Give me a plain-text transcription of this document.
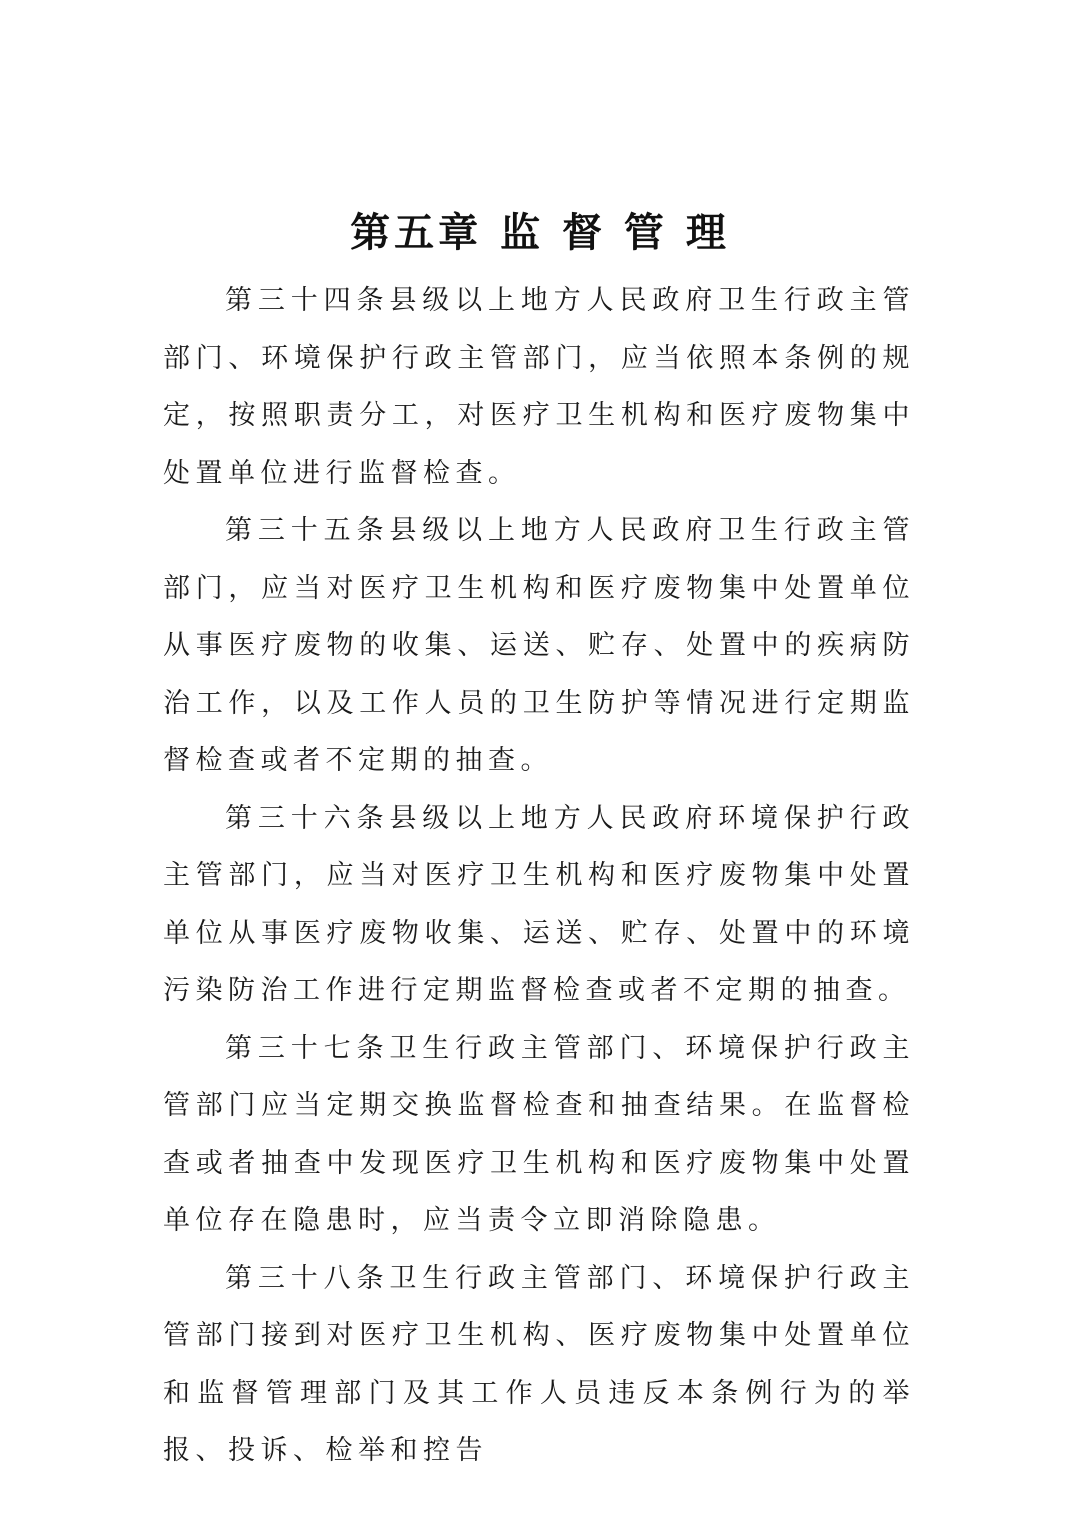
第五章 监 督 管 理

第三十四条县级以上地方人民政府卫生行政主管部门、环境保护行政主管部门，应当依照本条例的规定，按照职责分工，对医疗卫生机构和医疗废物集中处置单位进行监督检查。

第三十五条县级以上地方人民政府卫生行政主管部门，应当对医疗卫生机构和医疗废物集中处置单位从事医疗废物的收集、运送、贮存、处置中的疾病防治工作，以及工作人员的卫生防护等情况进行定期监督检查或者不定期的抽查。

第三十六条县级以上地方人民政府环境保护行政主管部门，应当对医疗卫生机构和医疗废物集中处置单位从事医疗废物收集、运送、贮存、处置中的环境污染防治工作进行定期监督检查或者不定期的抽查。

第三十七条卫生行政主管部门、环境保护行政主管部门应当定期交换监督检查和抽查结果。在监督检查或者抽查中发现医疗卫生机构和医疗废物集中处置单位存在隐患时，应当责令立即消除隐患。

第三十八条卫生行政主管部门、环境保护行政主管部门接到对医疗卫生机构、医疗废物集中处置单位和监督管理部门及其工作人员违反本条例行为的举报、投诉、检举和控告
